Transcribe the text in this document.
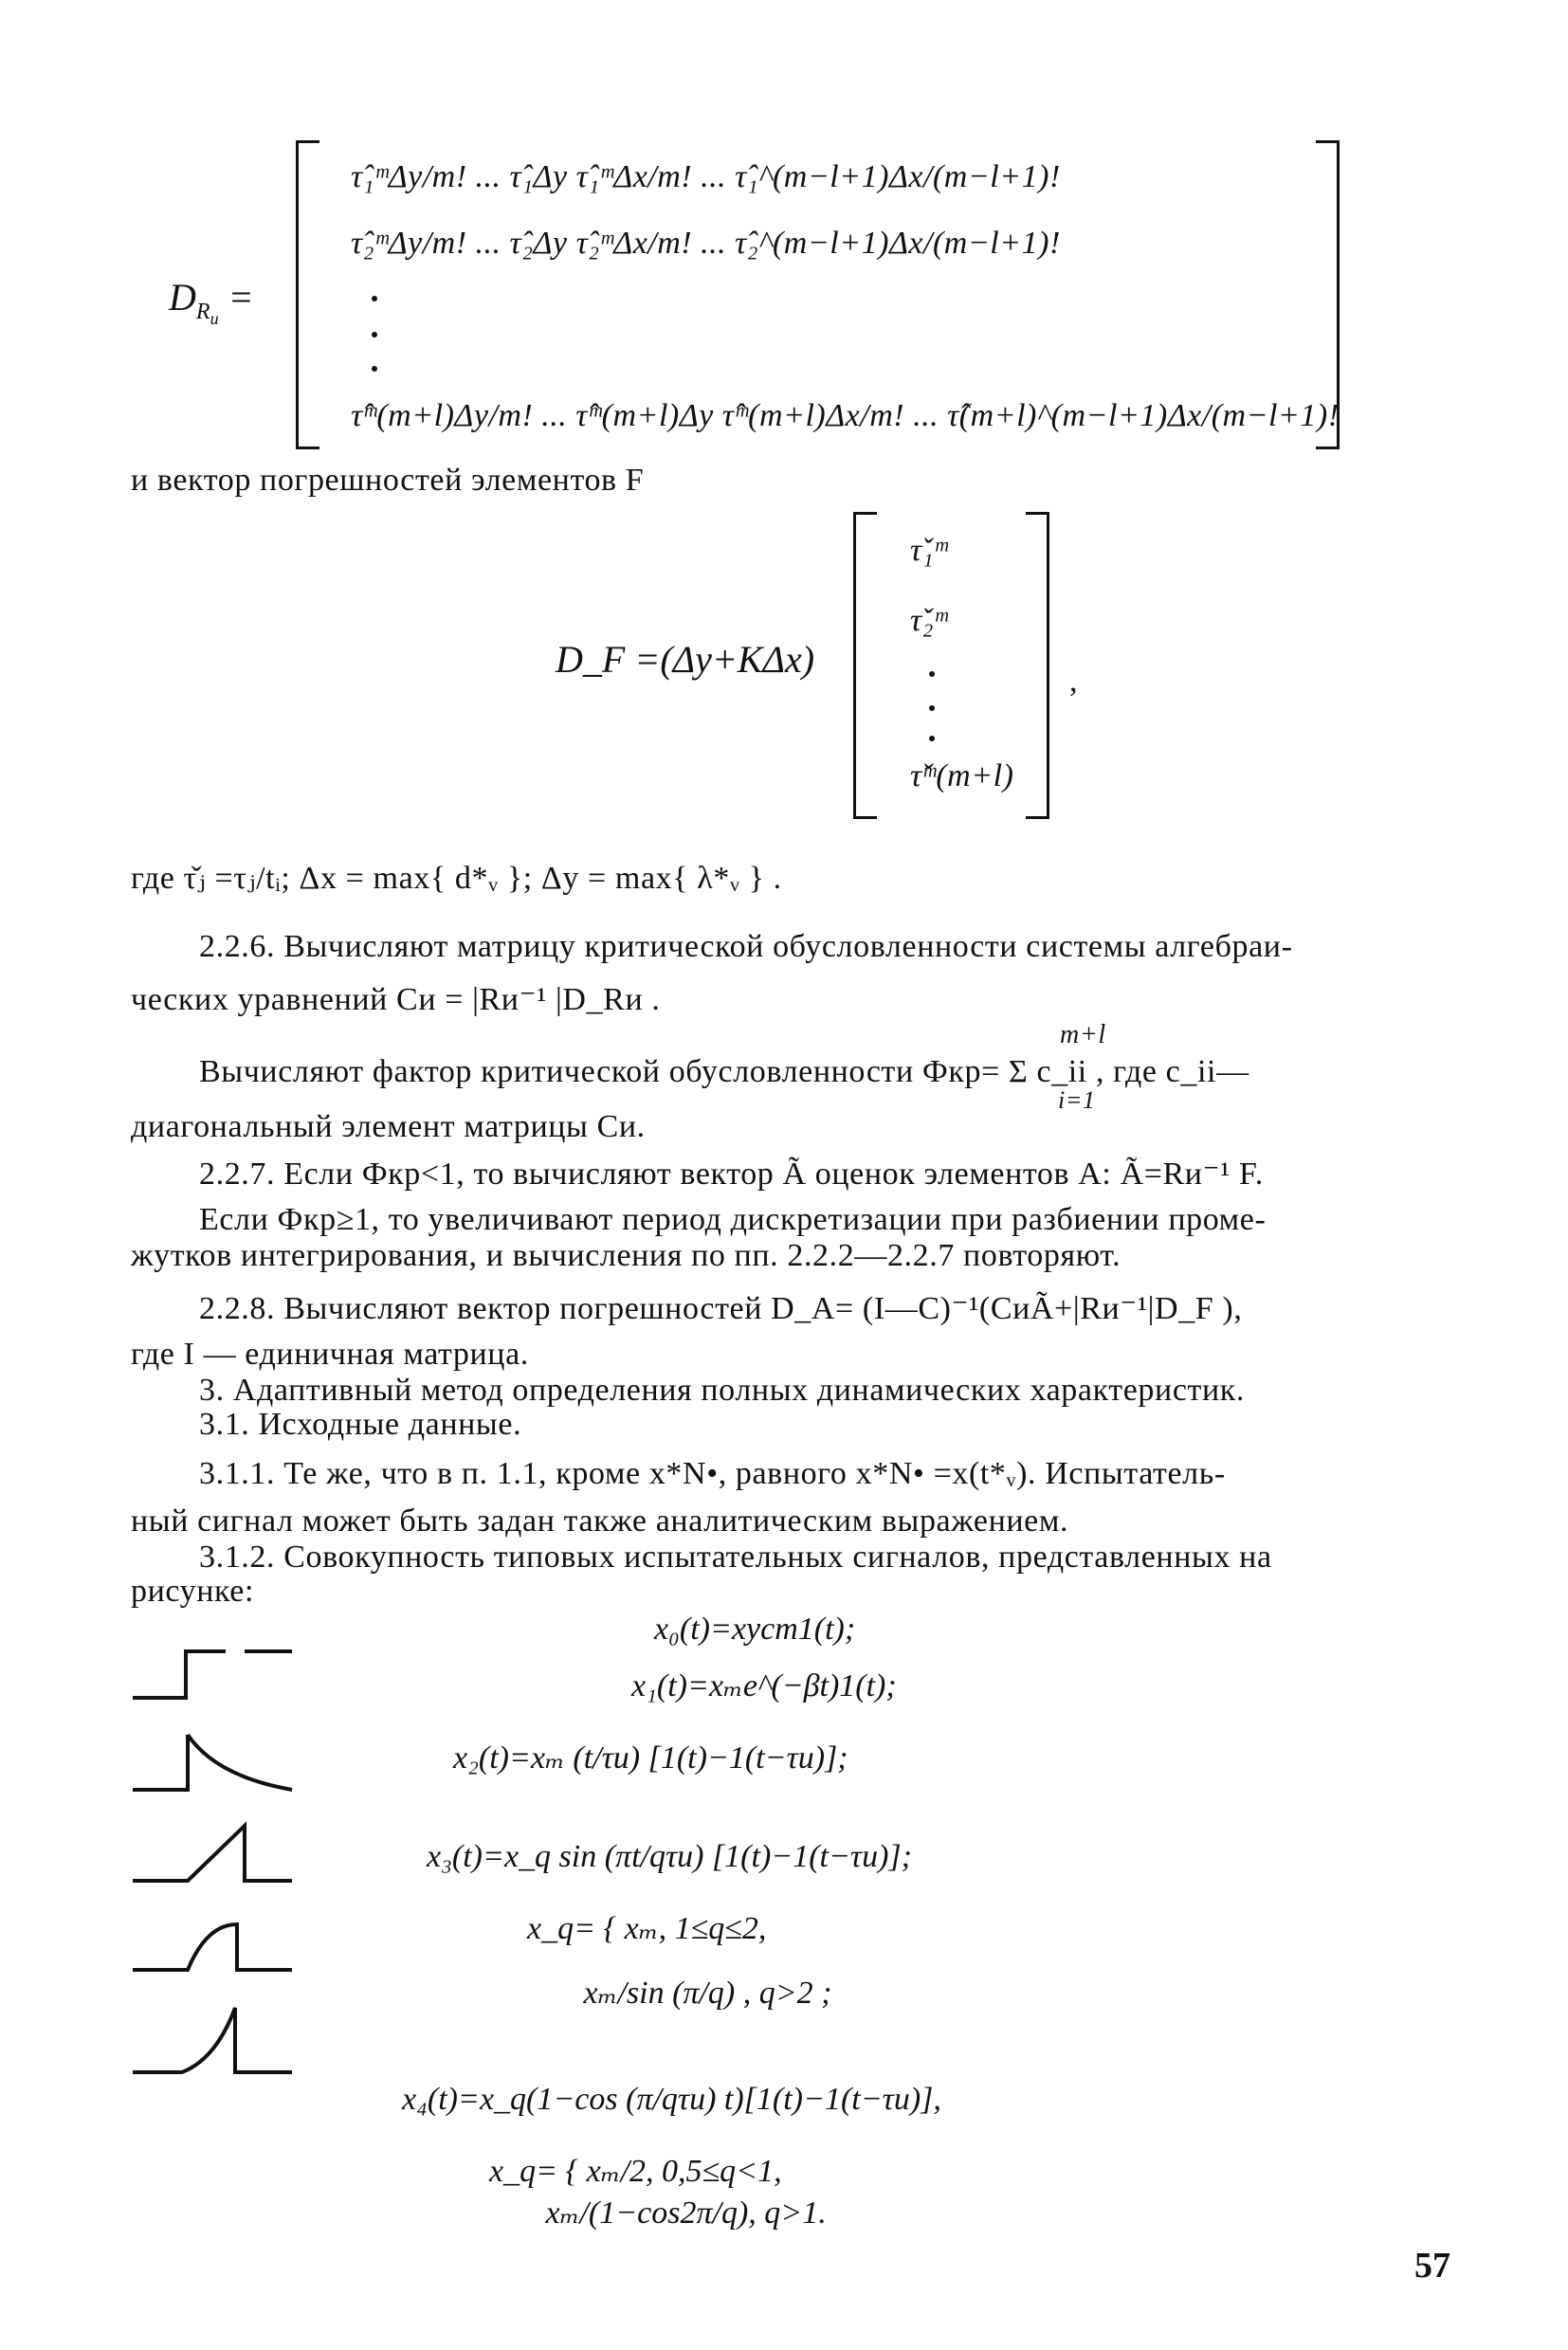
$D_{R_и}$ =
τ̂₁ᵐΔy/m! ... τ̂₁Δy τ̂₁ᵐΔx/m! ... τ̂₁^(m−l+1)Δx/(m−l+1)!
τ̂₂ᵐΔy/m! ... τ̂₂Δy τ̂₂ᵐΔx/m! ... τ̂₂^(m−l+1)Δx/(m−l+1)!
τ̂ᵐ(m+l)Δy/m! ... τ̂ᵐ(m+l)Δy τ̂ᵐ(m+l)Δx/m! ... τ̂(m+l)^(m−l+1)Δx/(m−l+1)!
и вектор погрешностей элементов F
D_F =(Δy+KΔx)
τ̌₁ᵐ
τ̌₂ᵐ
τ̌ᵐ(m+l)
,
где τ̌ⱼ =τⱼ/tᵢ; Δx = max{ d*ᵥ }; Δy = max{ λ*ᵥ } .
2.2.6. Вычисляют матрицу критической обусловленности системы алгебраи-
ческих уравнений Cи = |Rи⁻¹ |D_Rи .
m+l
Вычисляют фактор критической обусловленности Фкр= Σ c_ii , где c_ii—
i=1
диагональный элемент матрицы Cи.
2.2.7. Если Фкр<1, то вычисляют вектор Ã оценок элементов A: Ã=Rи⁻¹ F.
Если Фкр≥1, то увеличивают период дискретизации при разбиении проме-
жутков интегрирования, и вычисления по пп. 2.2.2—2.2.7 повторяют.
2.2.8. Вычисляют вектор погрешностей D_A= (I—C)⁻¹(CиÃ+|Rи⁻¹|D_F ),
где I — единичная матрица.
3. Адаптивный метод определения полных динамических характеристик.
3.1. Исходные данные.
3.1.1. Те же, что в п. 1.1, кроме x*N•, равного x*N• =x(t*ᵥ). Испытатель-
ный сигнал может быть задан также аналитическим выражением.
3.1.2. Совокупность типовых испытательных сигналов, представленных на
рисунке:
x₀(t)=xуст1(t);
x₁(t)=xₘe^(−βt)1(t);
x₂(t)=xₘ (t/τи) [1(t)−1(t−τи)];
x₃(t)=x_q sin (πt/qτи) [1(t)−1(t−τи)];
x_q= { xₘ, 1≤q≤2,
xₘ/sin (π/q) , q>2 ;
x₄(t)=x_q(1−cos (π/qτи) t)[1(t)−1(t−τи)],
x_q= { xₘ/2, 0,5≤q<1,
xₘ/(1−cos2π/q), q>1.
57
